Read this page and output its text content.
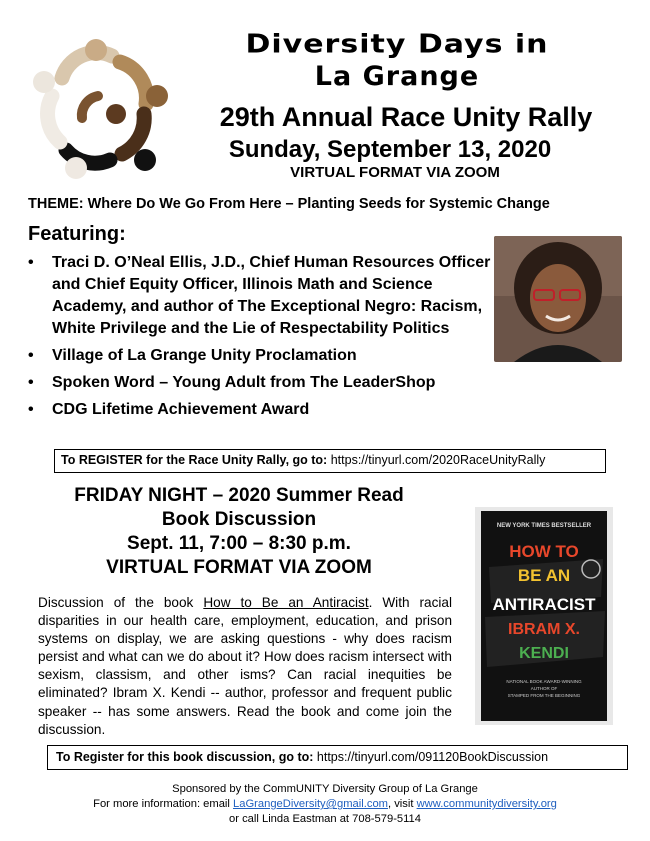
Diversity Days in
La Grange
29th Annual Race Unity Rally
Sunday, September 13, 2020
VIRTUAL FORMAT VIA ZOOM
THEME: Where Do We Go From Here – Planting Seeds for Systemic Change
Featuring:
•	Traci D. O’Neal Ellis, J.D., Chief Human Resources Officer and Chief Equity Officer, Illinois Math and Science Academy, and author of The Exceptional Negro: Racism, White Privilege and the Lie of Respectability Politics
•	Village of La Grange Unity Proclamation
•	Spoken Word – Young Adult from The LeaderShop
•	CDG Lifetime Achievement Award
To REGISTER for the Race Unity Rally, go to: https://tinyurl.com/2020RaceUnityRally
FRIDAY NIGHT – 2020 Summer Read
Book Discussion
Sept. 11, 7:00 – 8:30 p.m.
VIRTUAL FORMAT VIA ZOOM
NEW YORK TIMES BESTSELLER
HOW TO
BE AN
ANTIRACIST
IBRAM X.
KENDI
NATIONAL BOOK AWARD-WINNING
AUTHOR OF
STAMPED FROM THE BEGINNING
Discussion of the book How to Be an Antiracist. With racial disparities in our health care, employment, education, and prison systems on display, we are asking questions - why does racism persist and what can we do about it? How does racism intersect with sexism, classism, and other isms? Can racial inequities be eliminated? Ibram X. Kendi -- author, professor and frequent public speaker -- has some answers. Read the book and come join the discussion.
To Register for this book discussion, go to: https://tinyurl.com/091120BookDiscussion
Sponsored by the CommUNITY Diversity Group of La Grange
For more information: email LaGrangeDiversity@gmail.com, visit www.communitydiversity.org
or call Linda Eastman at 708-579-5114
